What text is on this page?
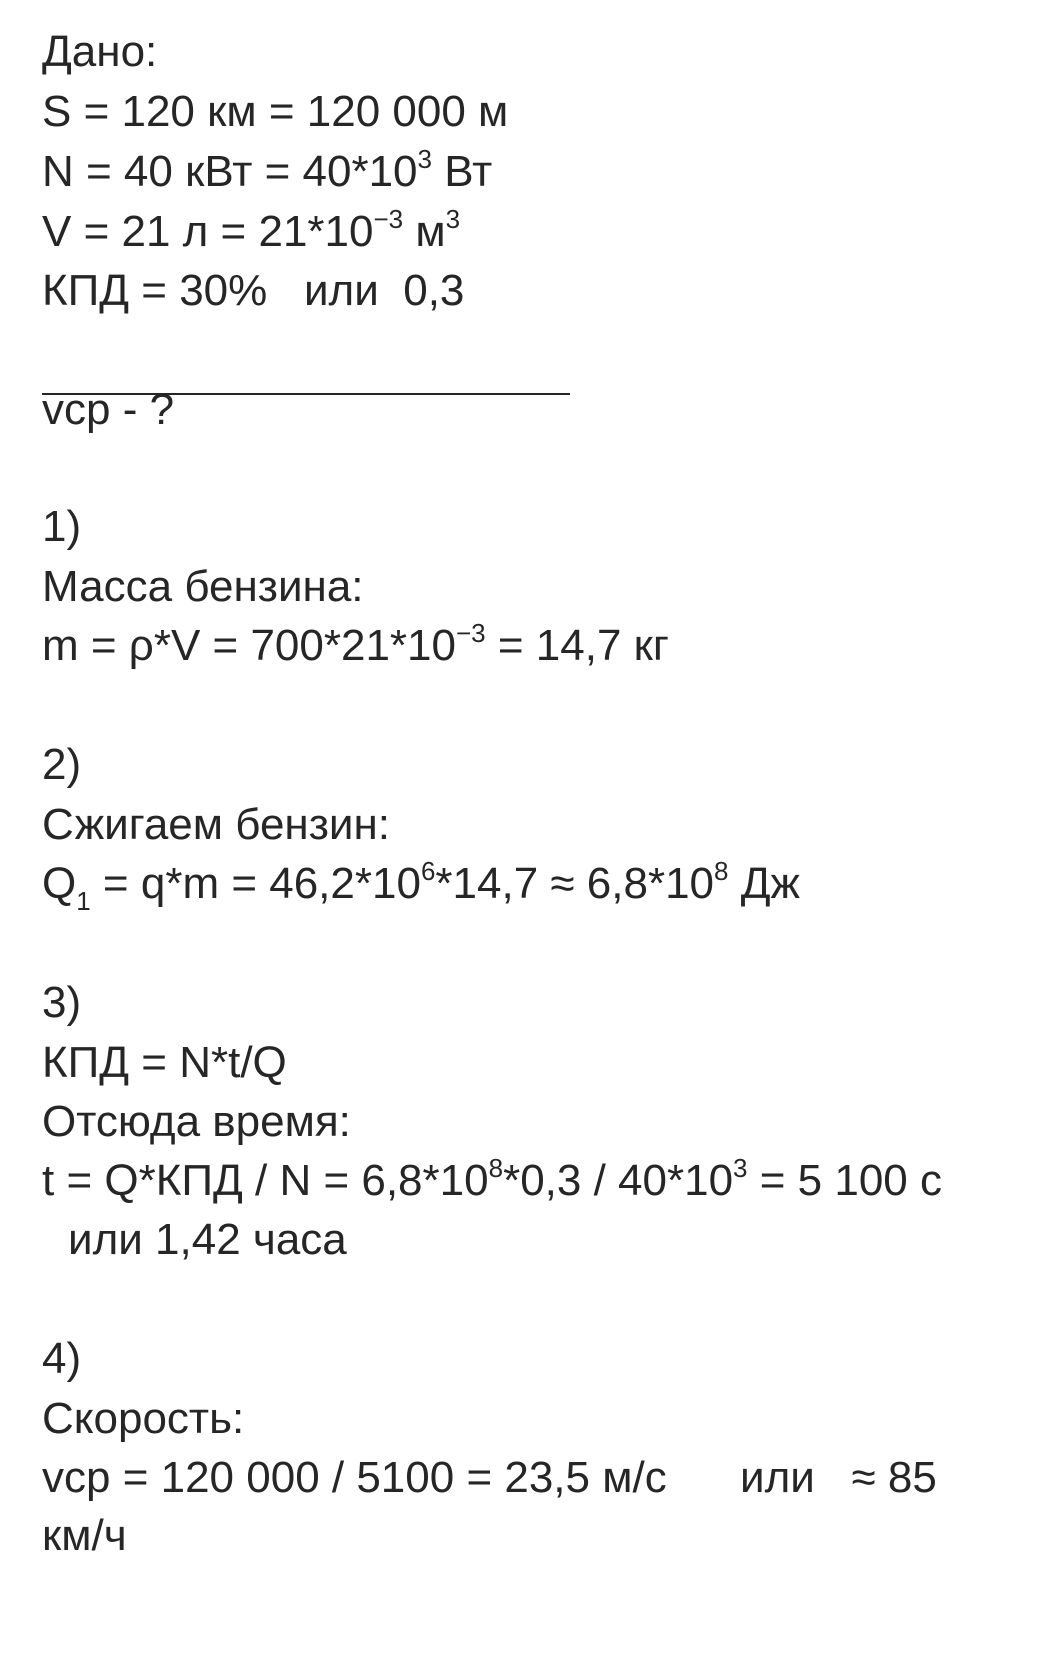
Дано:
S = 120 км = 120 000 м
N = 40 кВт = $40*10^3$ Вт
V = 21 $л = 21*10^{-3}$ $м^3$
КПД = 30%   или  0,3
vср - ?
1)
Масса бензина:
$m = \rho*V = 700*21*10^{-3} = 14,7$ кг
2)
Сжигаем бензин:
$Q_1 = q*m = 46,2*10^6*14,7 \approx 6,8*10^8$ Дж
3)
КПД = N*t/Q
Отсюда время:
$t = Q*КПД / N = 6,8*10^8*0,3 / 40*10^3 = 5$ 100 с
или 1,42 часа
4)
Скорость:
vср = 120 000 / 5100 = 23,5 м/с      или   ≈ 85
км/ч
